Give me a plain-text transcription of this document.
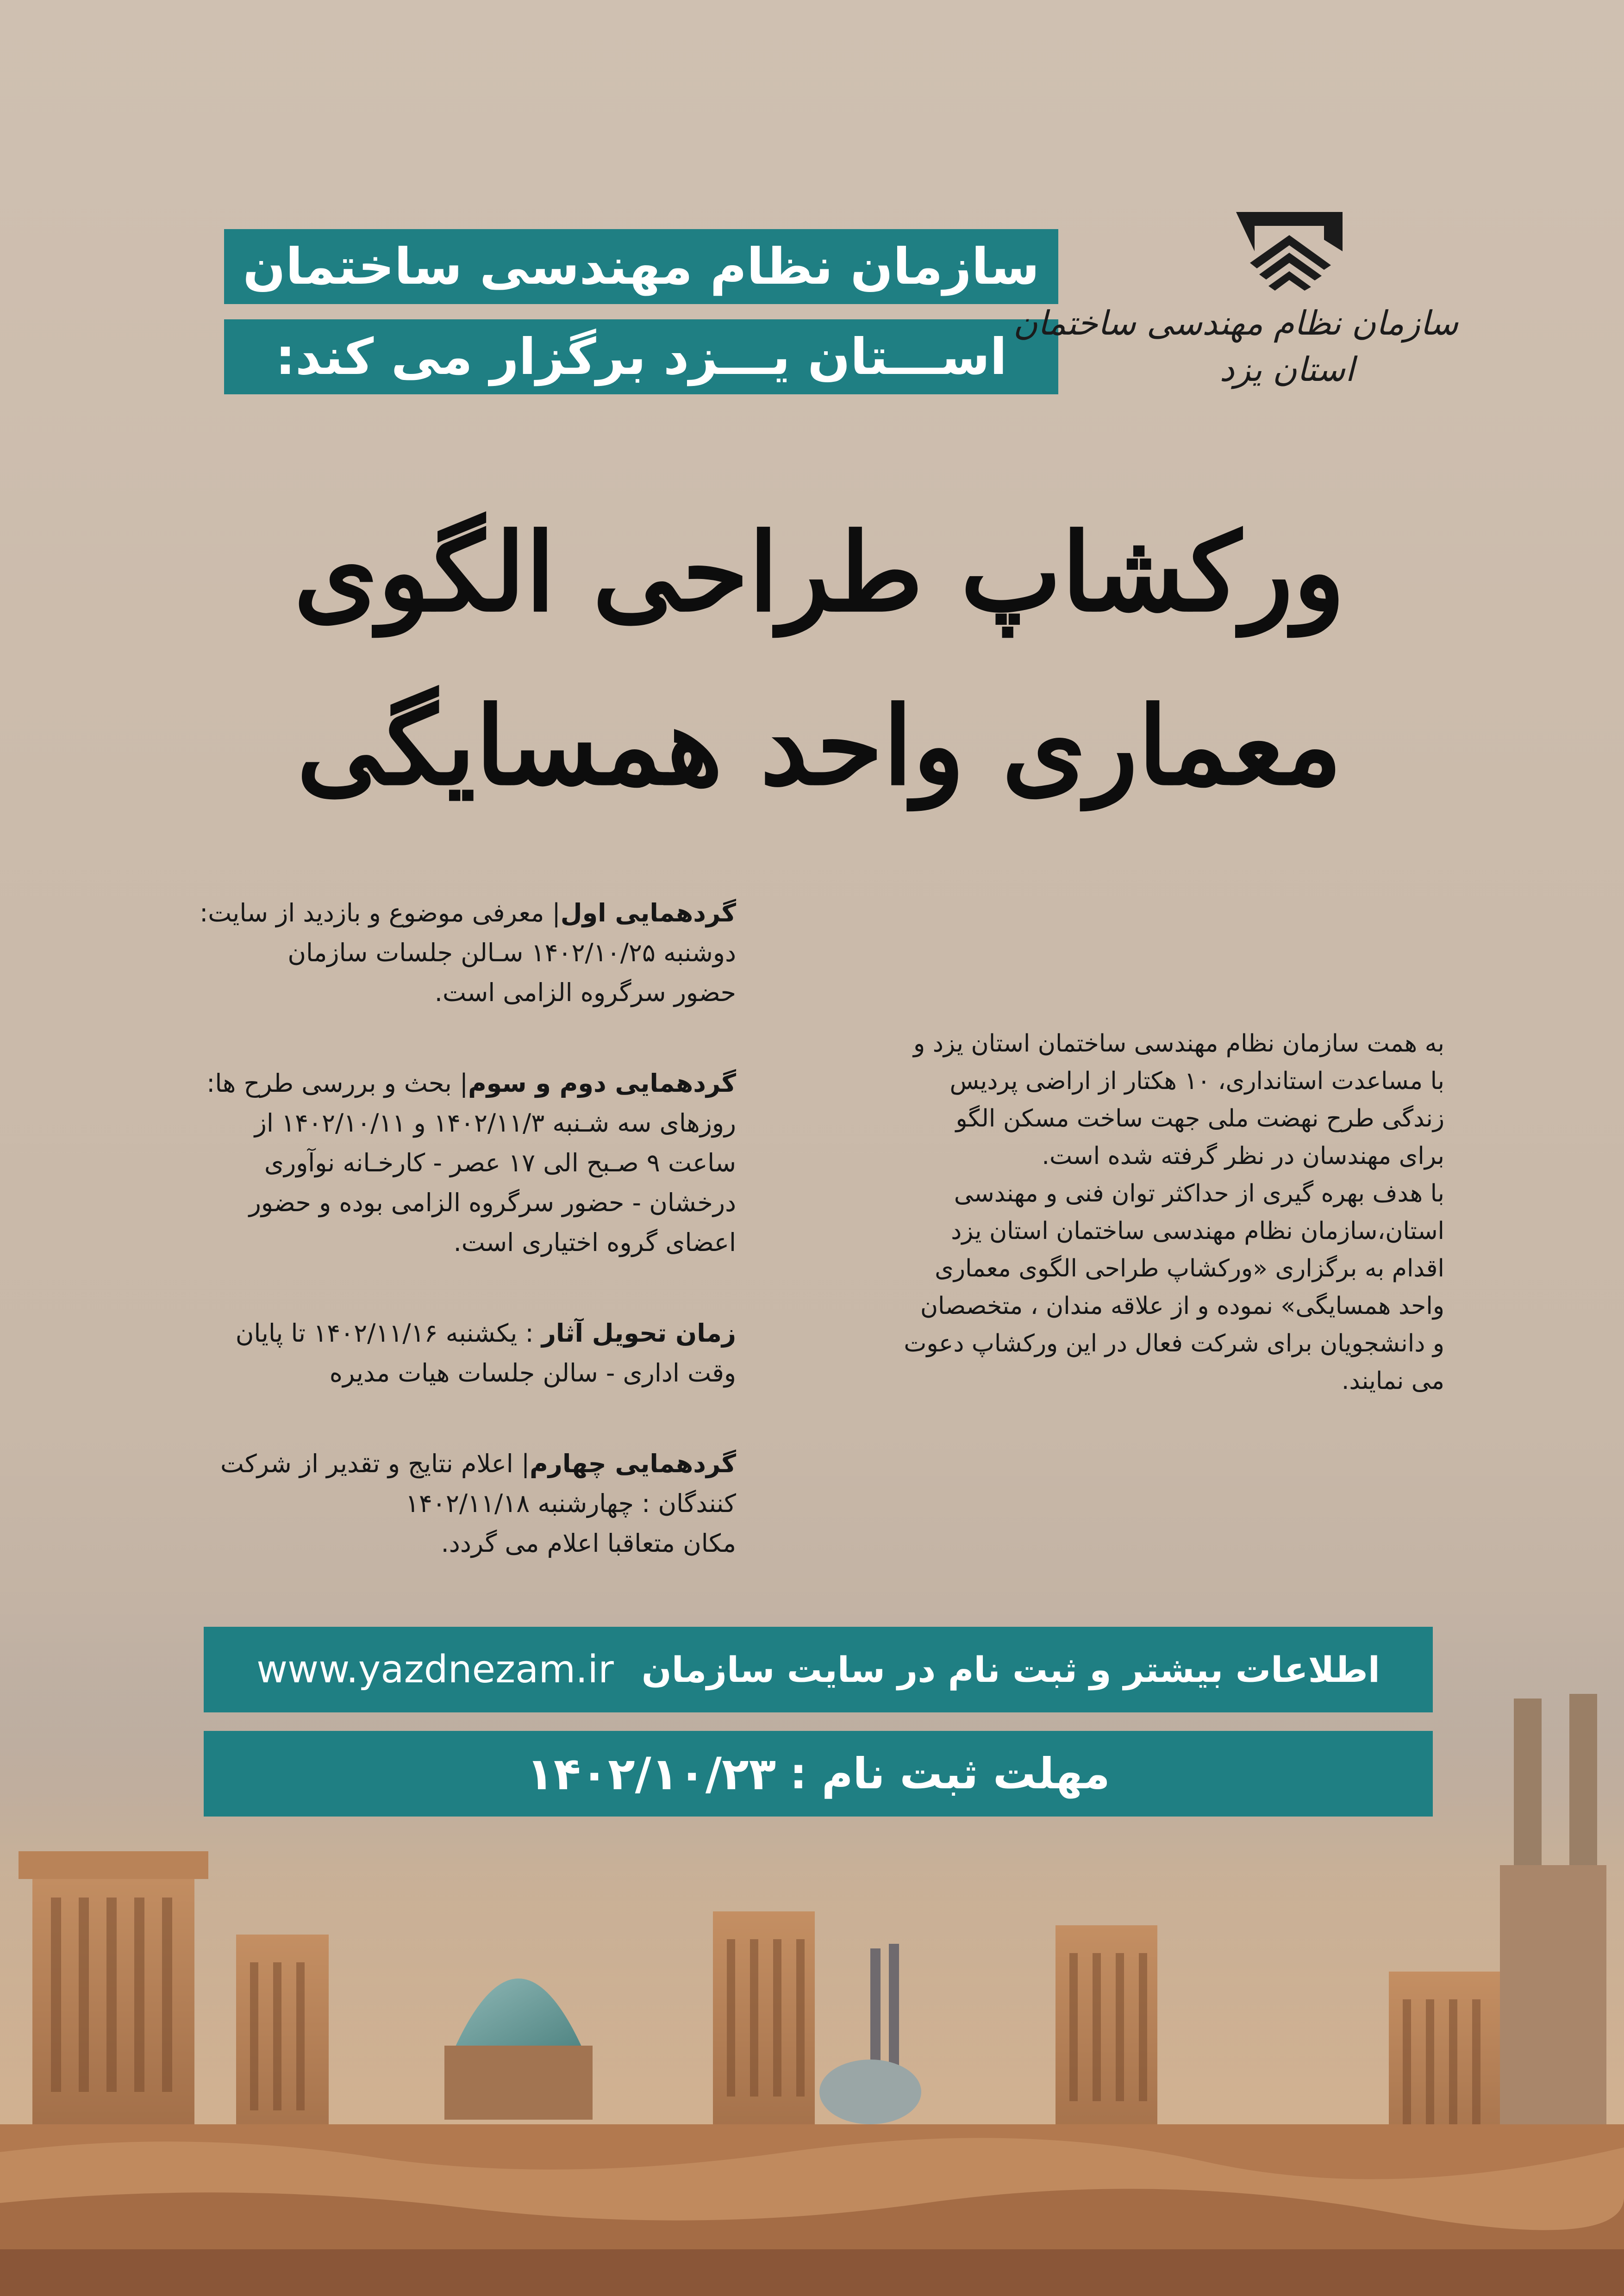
سازمان نظام مهندسی ساختمان
اســـتان یـــزد برگزار می کند:
سازمان نظام مهندسی ساختمان
استان یزد
ورکشاپ طراحی الگوی
معماری واحد همسایگی
گردهمایی اول| معرفی موضوع و بازدید از سایت:
دوشنبه ۱۴۰۲/۱۰/۲۵ سـالن جلسات سازمان
حضور سرگروه الزامی است.
گردهمایی دوم و سوم| بحث و بررسی طرح ها:
روزهای سه شـنبه ۱۴۰۲/۱۱/۳ و ۱۴۰۲/۱۰/۱۱ از
ساعت ۹ صـبح الی ۱۷ عصر - کارخـانه نوآوری
درخشان - حضور سرگروه الزامی بوده و حضور
اعضای گروه اختیاری است.
زمان تحویل آثار : یکشنبه ۱۴۰۲/۱۱/۱۶ تا پایان
وقت اداری - سالن جلسات هیات مدیره
گردهمایی چهارم| اعلام نتایج و تقدیر از شرکت
کنندگان : چهارشنبه ۱۴۰۲/۱۱/۱۸
مکان متعاقبا اعلام می گردد.
به همت سازمان نظام مهندسی ساختمان استان یزد و
با مساعدت استانداری، ۱۰ هکتار از اراضی پردیس
زندگی طرح نهضت ملی جهت ساخت مسکن الگو
برای مهندسان در نظر گرفته شده است.
با هدف بهره گیری از حداکثر توان فنی و مهندسی
استان،سازمان نظام مهندسی ساختمان استان یزد
اقدام به برگزاری «ورکشاپ طراحی الگوی معماری
واحد همسایگی» نموده و از علاقه مندان ، متخصصان
و دانشجویان برای شرکت فعال در این ورکشاپ دعوت
می نمایند.
اطلاعات بیشتر و ثبت نام در سایت سازمان
www.yazdnezam.ir
مهلت ثبت نام :
۱۴۰۲/۱۰/۲۳
